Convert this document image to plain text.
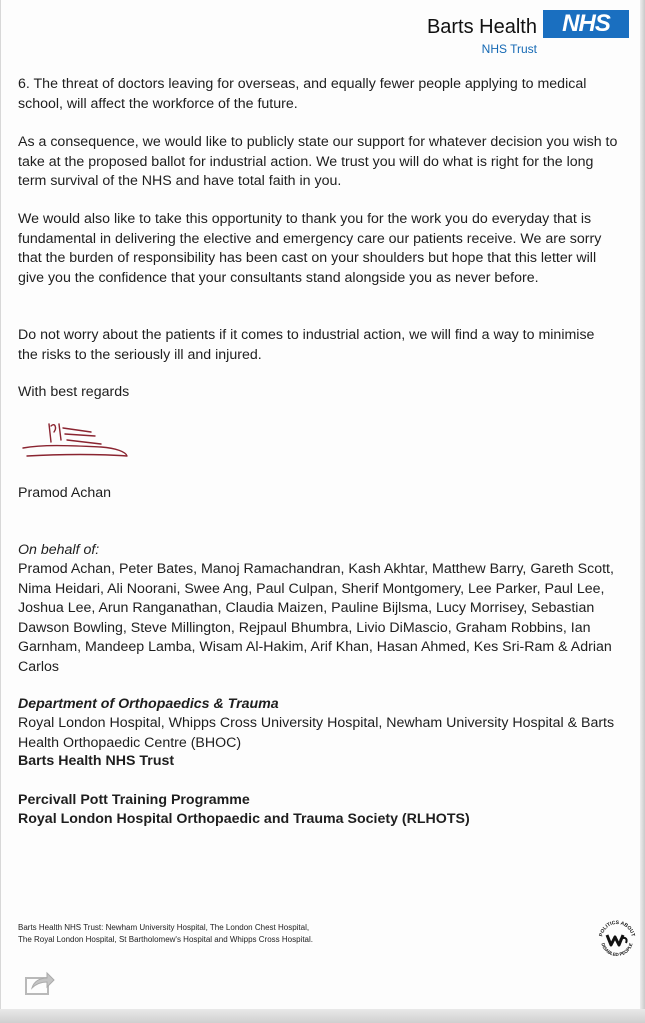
Barts Health
NHS Trust
NHS

6. The threat of doctors leaving for overseas, and equally fewer people applying to medical school, will affect the workforce of the future.

As a consequence, we would like to publicly state our support for whatever decision you wish to take at the proposed ballot for industrial action. We trust you will do what is right for the long term survival of the NHS and have total faith in you.

We would also like to take this opportunity to thank you for the work you do everyday that is fundamental in delivering the elective and emergency care our patients receive. We are sorry that the burden of responsibility has been cast on your shoulders but hope that this letter will give you the confidence that your consultants stand alongside you as never before.

Do not worry about the patients if it comes to industrial action, we will find a way to minimise the risks to the seriously ill and injured.

With best regards

Pramod Achan

On behalf of:

Pramod Achan, Peter Bates, Manoj Ramachandran, Kash Akhtar, Matthew Barry, Gareth Scott, Nima Heidari, Ali Noorani, Swee Ang, Paul Culpan, Sherif Montgomery, Lee Parker, Paul Lee, Joshua Lee, Arun Ranganathan, Claudia Maizen, Pauline Bijlsma, Lucy Morrisey, Sebastian Dawson Bowling, Steve Millington, Rejpaul Bhumbra, Livio DiMascio, Graham Robbins, Ian Garnham, Mandeep Lamba, Wisam Al-Hakim, Arif Khan, Hasan Ahmed, Kes Sri-Ram & Adrian Carlos

Department of Orthopaedics & Trauma

Royal London Hospital, Whipps Cross University Hospital, Newham University Hospital & Barts Health Orthopaedic Centre (BHOC)

Barts Health NHS Trust

Percivall Pott Training Programme

Royal London Hospital Orthopaedic and Trauma Society (RLHOTS)

Barts Health NHS Trust: Newham University Hospital, The London Chest Hospital,
The Royal London Hospital, St Bartholomew's Hospital and Whipps Cross Hospital.
POLITICS ABOUT
DISABLED PEOPLE
